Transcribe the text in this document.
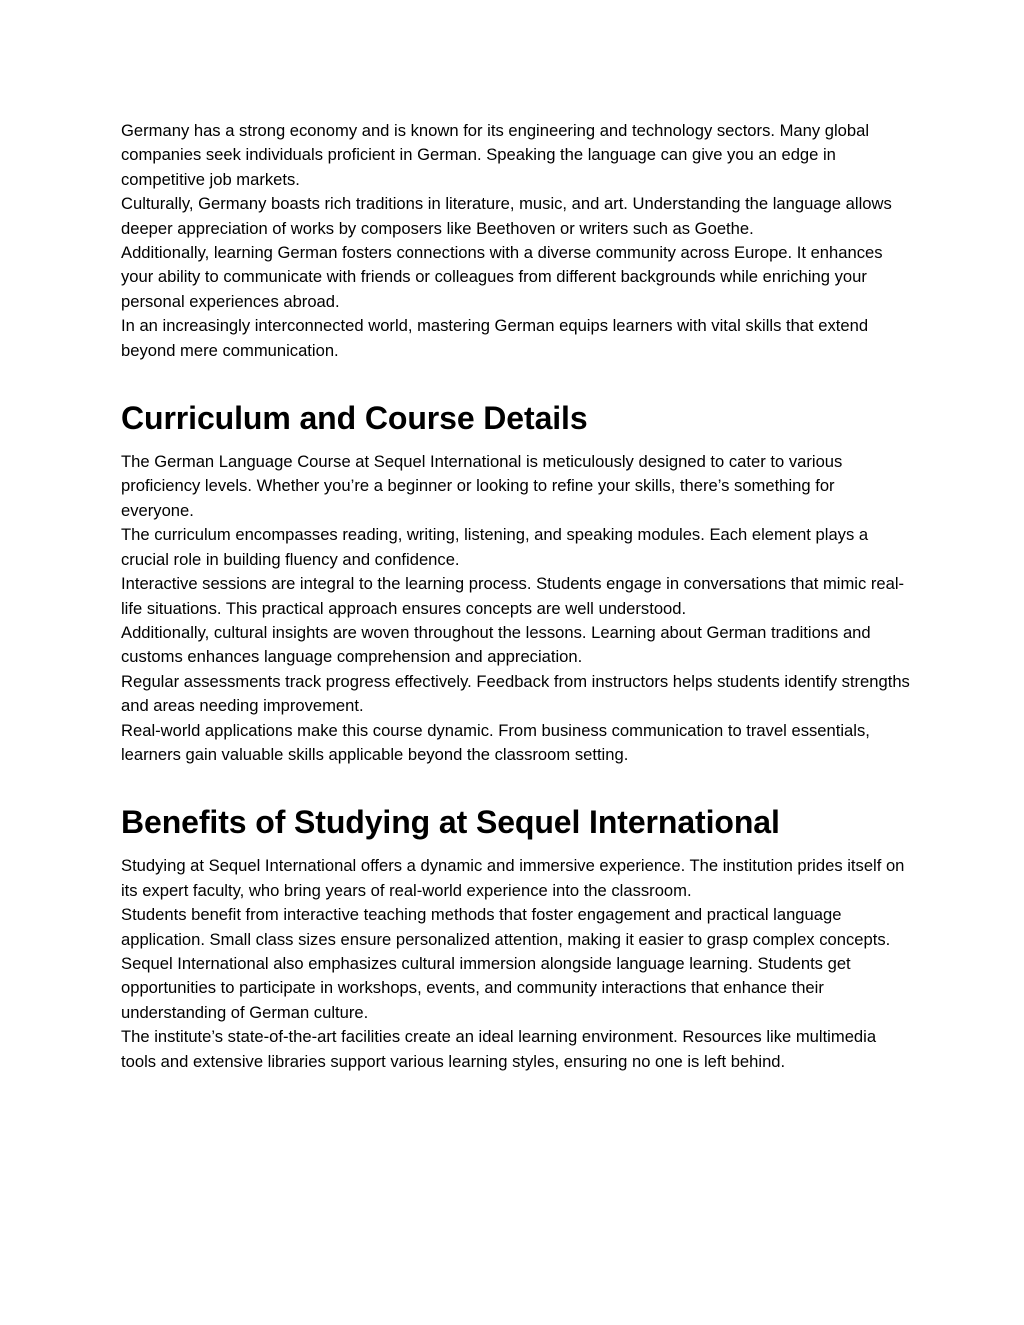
Germany has a strong economy and is known for its engineering and technology sectors. Many global companies seek individuals proficient in German. Speaking the language can give you an edge in competitive job markets.

Culturally, Germany boasts rich traditions in literature, music, and art. Understanding the language allows deeper appreciation of works by composers like Beethoven or writers such as Goethe.

Additionally, learning German fosters connections with a diverse community across Europe. It enhances your ability to communicate with friends or colleagues from different backgrounds while enriching your personal experiences abroad.

In an increasingly interconnected world, mastering German equips learners with vital skills that extend beyond mere communication.

Curriculum and Course Details

The German Language Course at Sequel International is meticulously designed to cater to various proficiency levels. Whether you’re a beginner or looking to refine your skills, there’s something for everyone.

The curriculum encompasses reading, writing, listening, and speaking modules. Each element plays a crucial role in building fluency and confidence.

Interactive sessions are integral to the learning process. Students engage in conversations that mimic real-life situations. This practical approach ensures concepts are well understood.

Additionally, cultural insights are woven throughout the lessons. Learning about German traditions and customs enhances language comprehension and appreciation.

Regular assessments track progress effectively. Feedback from instructors helps students identify strengths and areas needing improvement.

Real-world applications make this course dynamic. From business communication to travel essentials, learners gain valuable skills applicable beyond the classroom setting.

Benefits of Studying at Sequel International

Studying at Sequel International offers a dynamic and immersive experience. The institution prides itself on its expert faculty, who bring years of real-world experience into the classroom.

Students benefit from interactive teaching methods that foster engagement and practical language application. Small class sizes ensure personalized attention, making it easier to grasp complex concepts.

Sequel International also emphasizes cultural immersion alongside language learning. Students get opportunities to participate in workshops, events, and community interactions that enhance their understanding of German culture.

The institute’s state-of-the-art facilities create an ideal learning environment. Resources like multimedia tools and extensive libraries support various learning styles, ensuring no one is left behind.
